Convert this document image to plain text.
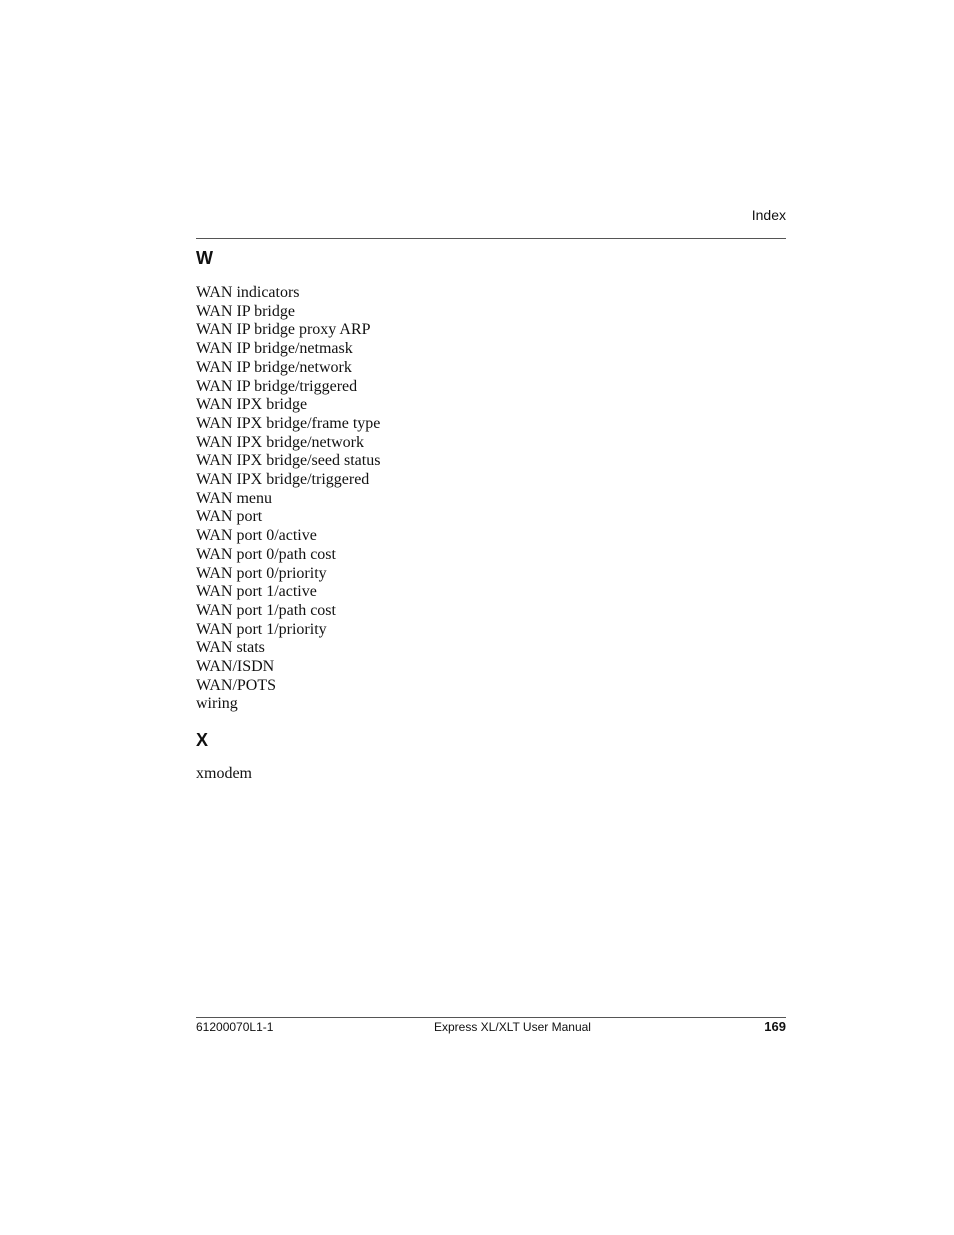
Index
W
WAN indicators
WAN IP bridge
WAN IP bridge proxy ARP
WAN IP bridge/netmask
WAN IP bridge/network
WAN IP bridge/triggered
WAN IPX bridge
WAN IPX bridge/frame type
WAN IPX bridge/network
WAN IPX bridge/seed status
WAN IPX bridge/triggered
WAN menu
WAN port
WAN port 0/active
WAN port 0/path cost
WAN port 0/priority
WAN port 1/active
WAN port 1/path cost
WAN port 1/priority
WAN stats
WAN/ISDN
WAN/POTS
wiring
X
xmodem
61200070L1-1	Express XL/XLT User Manual	169
